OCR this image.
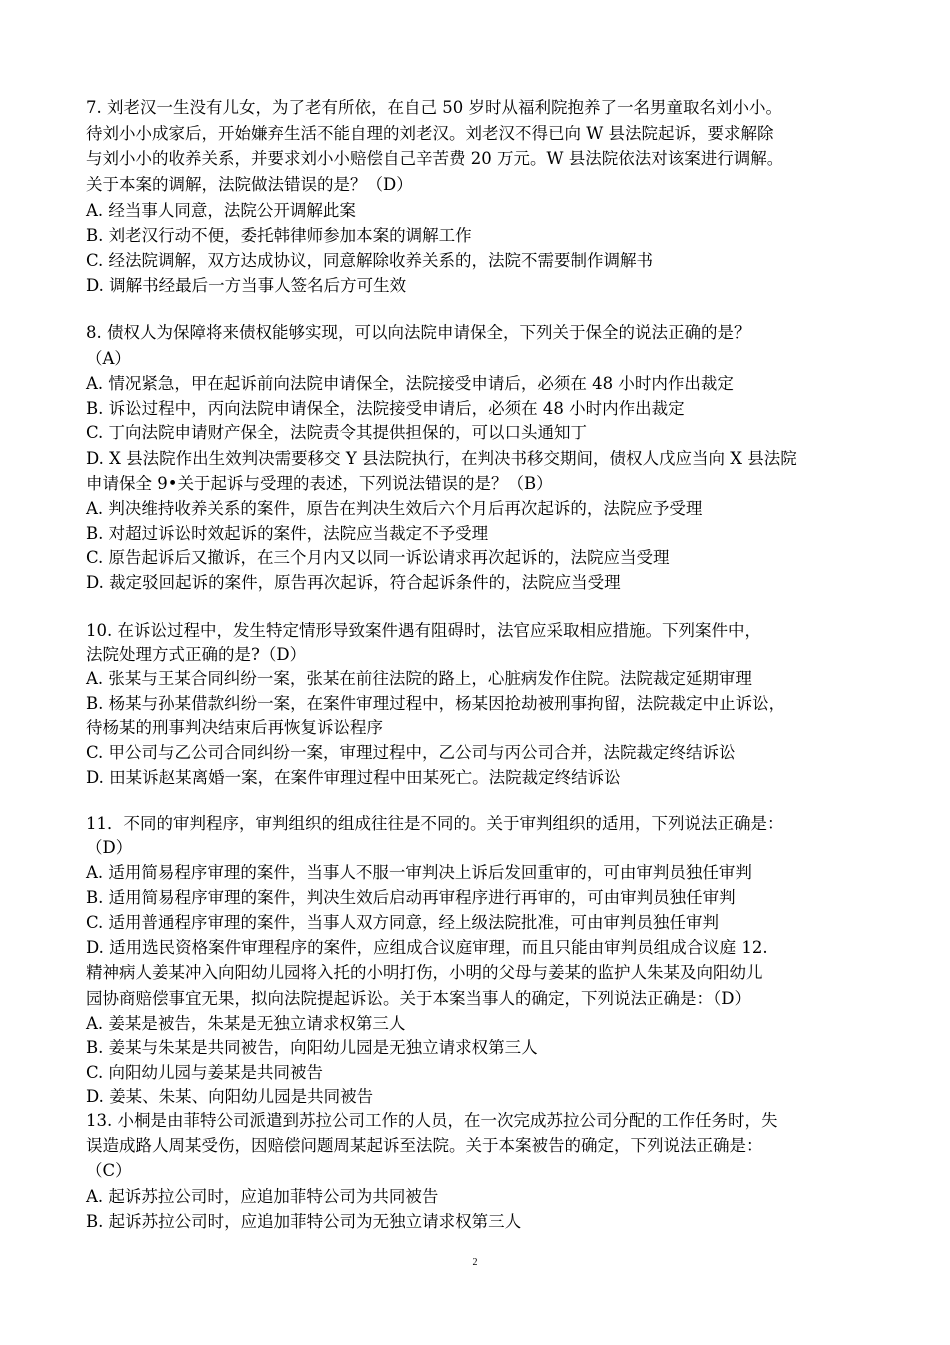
7. 刘老汉一生没有儿女，为了老有所依，在自己 50 岁时从福利院抱养了一名男童取名刘小小。
待刘小小成家后，开始嫌弃生活不能自理的刘老汉。刘老汉不得已向 W 县法院起诉，要求解除
与刘小小的收养关系，并要求刘小小赔偿自己辛苦费 20 万元。W 县法院依法对该案进行调解。
关于本案的调解，法院做法错误的是？（D）
A. 经当事人同意，法院公开调解此案
B. 刘老汉行动不便，委托韩律师参加本案的调解工作
C. 经法院调解，双方达成协议，同意解除收养关系的，法院不需要制作调解书
D. 调解书经最后一方当事人签名后方可生效
8. 债权人为保障将来债权能够实现，可以向法院申请保全，下列关于保全的说法正确的是？
（A）
A. 情况紧急，甲在起诉前向法院申请保全，法院接受申请后，必须在 48 小时内作出裁定
B. 诉讼过程中，丙向法院申请保全，法院接受申请后，必须在 48 小时内作出裁定
C. 丁向法院申请财产保全，法院责令其提供担保的，可以口头通知丁
D. X 县法院作出生效判决需要移交 Y 县法院执行，在判决书移交期间，债权人戊应当向 X 县法院
申请保全 9•关于起诉与受理的表述，下列说法错误的是？（B）
A. 判决维持收养关系的案件，原告在判决生效后六个月后再次起诉的，法院应予受理
B. 对超过诉讼时效起诉的案件，法院应当裁定不予受理
C. 原告起诉后又撤诉，在三个月内又以同一诉讼请求再次起诉的，法院应当受理
D. 裁定驳回起诉的案件，原告再次起诉，符合起诉条件的，法院应当受理
10. 在诉讼过程中，发生特定情形导致案件遇有阻碍时，法官应采取相应措施。下列案件中，
法院处理方式正确的是?（D）
A. 张某与王某合同纠纷一案，张某在前往法院的路上，心脏病发作住院。法院裁定延期审理
B. 杨某与孙某借款纠纷一案，在案件审理过程中，杨某因抢劫被刑事拘留，法院裁定中止诉讼，
待杨某的刑事判决结束后再恢复诉讼程序
C. 甲公司与乙公司合同纠纷一案，审理过程中，乙公司与丙公司合并，法院裁定终结诉讼
D. 田某诉赵某离婚一案，在案件审理过程中田某死亡。法院裁定终结诉讼
11．不同的审判程序，审判组织的组成往往是不同的。关于审判组织的适用，下列说法正确是：
（D）
A. 适用简易程序审理的案件，当事人不服一审判决上诉后发回重审的，可由审判员独任审判
B. 适用简易程序审理的案件，判决生效后启动再审程序进行再审的，可由审判员独任审判
C. 适用普通程序审理的案件，当事人双方同意，经上级法院批准，可由审判员独任审判
D. 适用选民资格案件审理程序的案件，应组成合议庭审理，而且只能由审判员组成合议庭 12.
精神病人姜某冲入向阳幼儿园将入托的小明打伤，小明的父母与姜某的监护人朱某及向阳幼儿
园协商赔偿事宜无果，拟向法院提起诉讼。关于本案当事人的确定，下列说法正确是：（D）
A. 姜某是被告，朱某是无独立请求权第三人
B. 姜某与朱某是共同被告，向阳幼儿园是无独立请求权第三人
C. 向阳幼儿园与姜某是共同被告
D. 姜某、朱某、向阳幼儿园是共同被告
13. 小桐是由菲特公司派遣到苏拉公司工作的人员，在一次完成苏拉公司分配的工作任务时，失
误造成路人周某受伤，因赔偿问题周某起诉至法院。关于本案被告的确定，下列说法正确是：
（C）
A. 起诉苏拉公司时，应追加菲特公司为共同被告
B. 起诉苏拉公司时，应追加菲特公司为无独立请求权第三人
2
